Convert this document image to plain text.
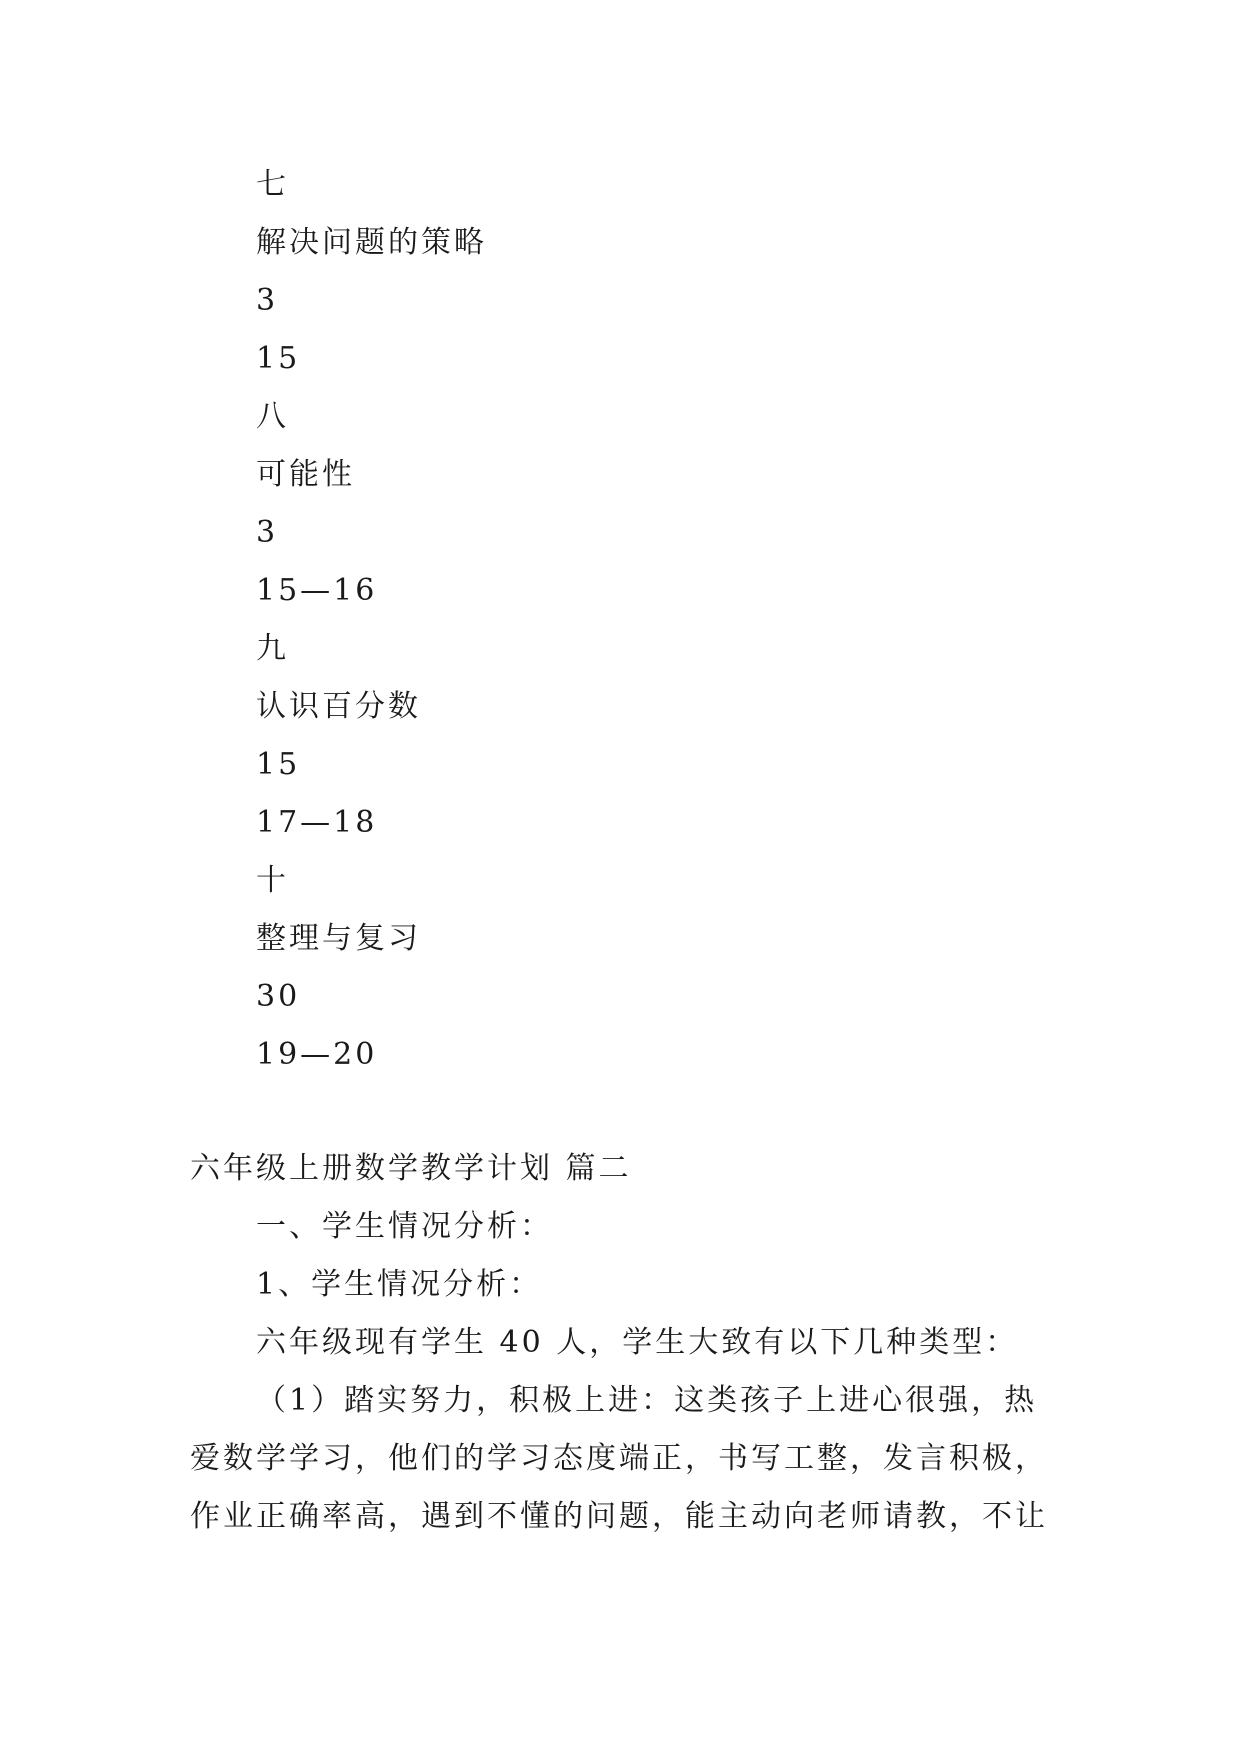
七
解决问题的策略
3
15
八
可能性
3
15—16
九
认识百分数
15
17—18
十
整理与复习
30
19—20
六年级上册数学教学计划 篇二
一、学生情况分析：
1、学生情况分析：
六年级现有学生 40 人，学生大致有以下几种类型：
（1）踏实努力，积极上进：这类孩子上进心很强，热
爱数学学习，他们的学习态度端正，书写工整，发言积极，
作业正确率高，遇到不懂的问题，能主动向老师请教，不让
